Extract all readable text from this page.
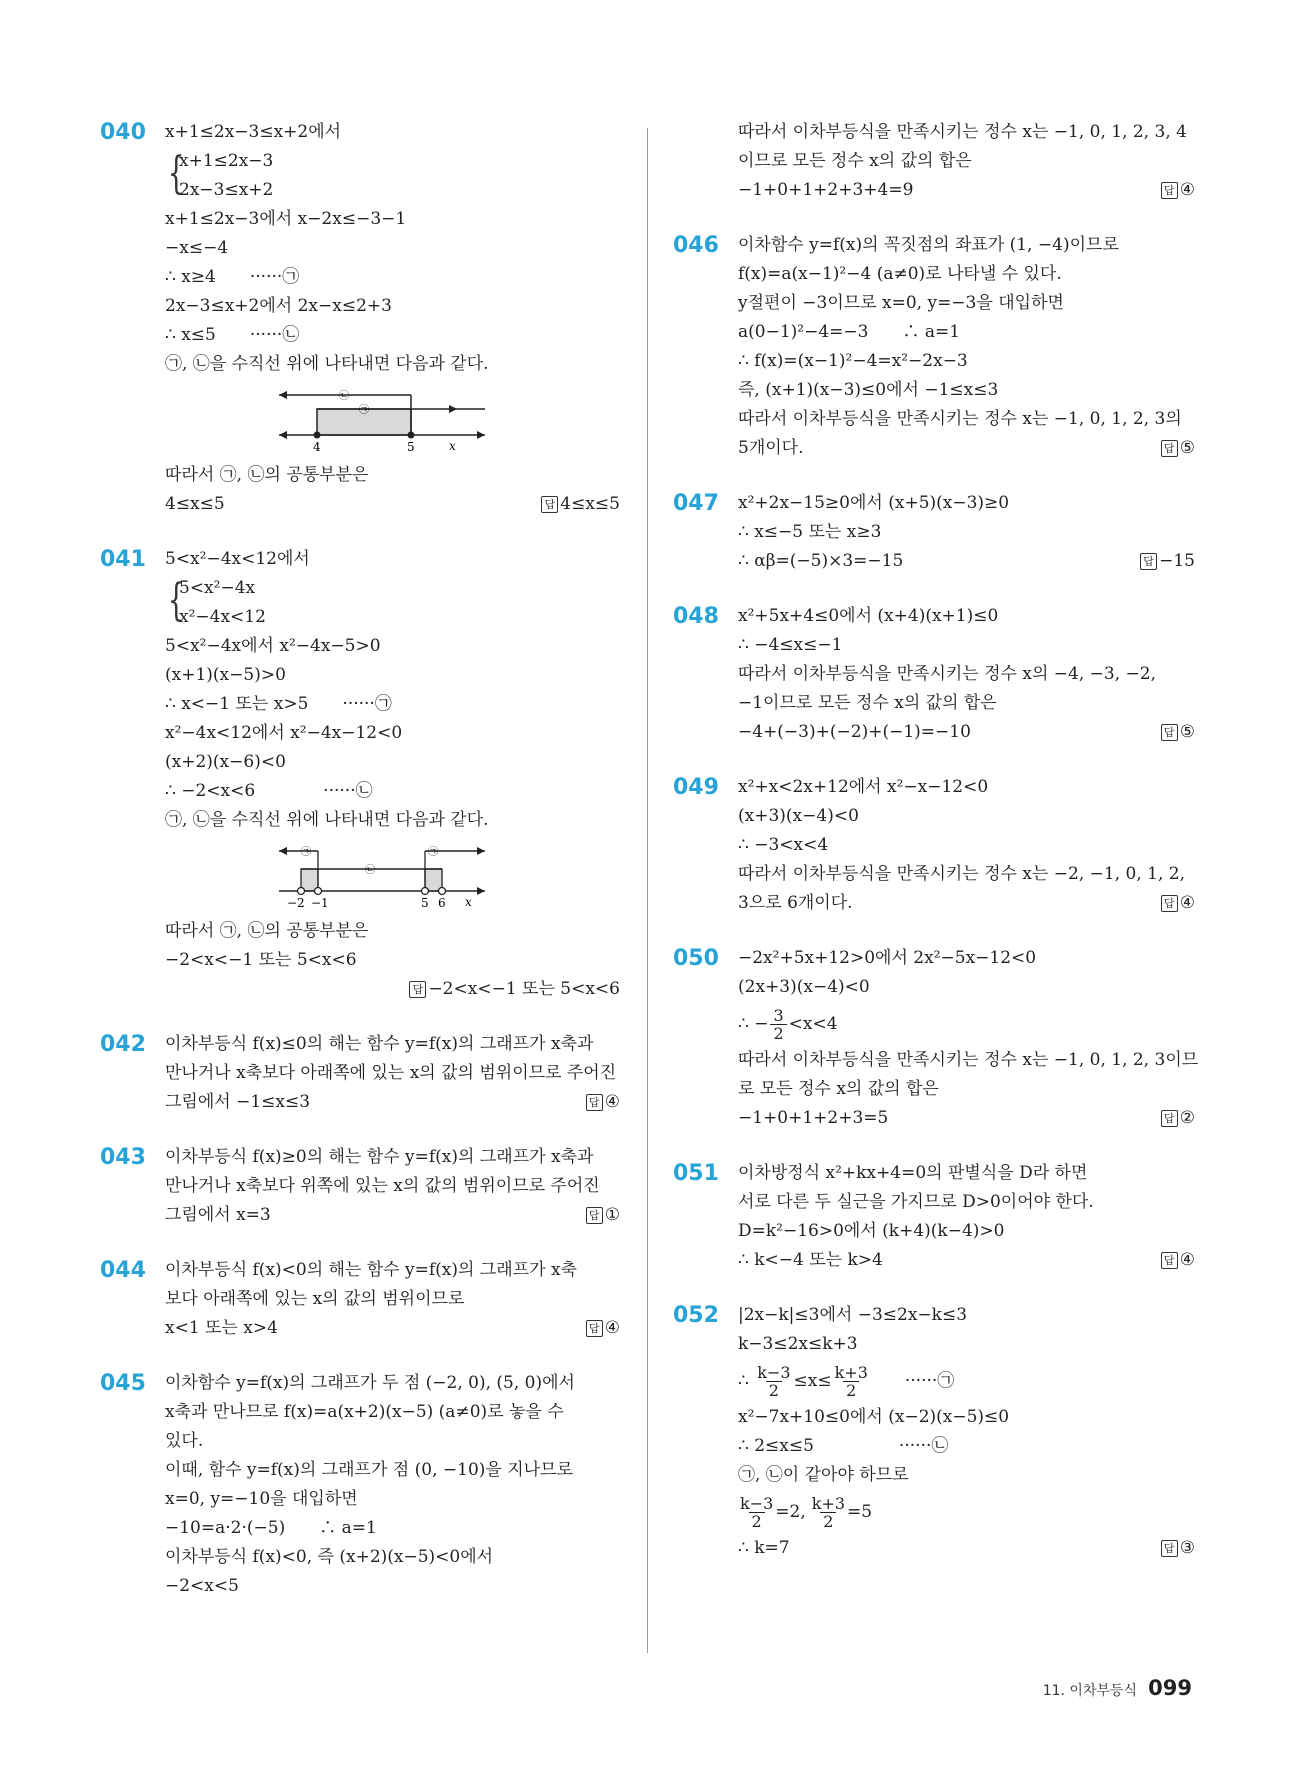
040 x+1≤2x−3≤x+2에서
{
x+1≤2x−3
2x−3≤x+2
x+1≤2x−3에서 x−2x≤−3−1
−x≤−4
∴ x≥4　　······㉠
2x−3≤x+2에서 2x−x≤2+3
∴ x≤5　　······㉡
㉠, ㉡을 수직선 위에 나타내면 다음과 같다.
4	5	x
㉠
㉡
따라서 ㉠, ㉡의 공통부분은
4≤x≤5	답 4≤x≤5
041 5<x²−4x<12에서
{
5<x²−4x
x²−4x<12
5<x²−4x에서 x²−4x−5>0
(x+1)(x−5)>0
∴ x<−1 또는 x>5　　······㉠
x²−4x<12에서 x²−4x−12<0
(x+2)(x−6)<0
∴ −2<x<6　　　　······㉡
㉠, ㉡을 수직선 위에 나타내면 다음과 같다.
−2 −1	5 6 x
㉠	㉠
㉡
따라서 ㉠, ㉡의 공통부분은
−2<x<−1 또는 5<x<6
답 −2<x<−1 또는 5<x<6
042 이차부등식 f(x)≤0의 해는 함수 y=f(x)의 그래프가 x축과
만나거나 x축보다 아래쪽에 있는 x의 값의 범위이므로 주어진
그림에서 −1≤x≤3	답 ④
043 이차부등식 f(x)≥0의 해는 함수 y=f(x)의 그래프가 x축과
만나거나 x축보다 위쪽에 있는 x의 값의 범위이므로 주어진
그림에서 x=3	답 ①
044 이차부등식 f(x)<0의 해는 함수 y=f(x)의 그래프가 x축
보다 아래쪽에 있는 x의 값의 범위이므로
x<1 또는 x>4	답 ④
045 이차함수 y=f(x)의 그래프가 두 점 (−2, 0), (5, 0)에서
x축과 만나므로 f(x)=a(x+2)(x−5) (a≠0)로 놓을 수
있다.
이때, 함수 y=f(x)의 그래프가 점 (0, −10)을 지나므로
x=0, y=−10을 대입하면
−10=a·2·(−5)　　∴ a=1
이차부등식 f(x)<0, 즉 (x+2)(x−5)<0에서
−2<x<5
따라서 이차부등식을 만족시키는 정수 x는 −1, 0, 1, 2, 3, 4
이므로 모든 정수 x의 값의 합은
−1+0+1+2+3+4=9	답 ④
046 이차함수 y=f(x)의 꼭짓점의 좌표가 (1, −4)이므로
f(x)=a(x−1)²−4 (a≠0)로 나타낼 수 있다.
y절편이 −3이므로 x=0, y=−3을 대입하면
a(0−1)²−4=−3　　∴ a=1
∴ f(x)=(x−1)²−4=x²−2x−3
즉, (x+1)(x−3)≤0에서 −1≤x≤3
따라서 이차부등식을 만족시키는 정수 x는 −1, 0, 1, 2, 3의
5개이다.	답 ⑤
047 x²+2x−15≥0에서 (x+5)(x−3)≥0
∴ x≤−5 또는 x≥3
∴ αβ=(−5)×3=−15	답 −15
048 x²+5x+4≤0에서 (x+4)(x+1)≤0
∴ −4≤x≤−1
따라서 이차부등식을 만족시키는 정수 x의 −4, −3, −2,
−1이므로 모든 정수 x의 값의 합은
−4+(−3)+(−2)+(−1)=−10	답 ⑤
049 x²+x<2x+12에서 x²−x−12<0
(x+3)(x−4)<0
∴ −3<x<4
따라서 이차부등식을 만족시키는 정수 x는 −2, −1, 0, 1, 2,
3으로 6개이다.	답 ④
050 −2x²+5x+12>0에서 2x²−5x−12<0
(2x+3)(x−4)<0
∴ − $\frac{3}{2} <x<4$
따라서 이차부등식을 만족시키는 정수 x는 −1, 0, 1, 2, 3이므
로 모든 정수 x의 값의 합은
−1+0+1+2+3=5	답 ②
051 이차방정식 x²+kx+4=0의 판별식을 D라 하면
서로 다른 두 실근을 가지므로 D>0이어야 한다.
D=k²−16>0에서 (k+4)(k−4)>0
∴ k<−4 또는 k>4	답 ④
052 |2x−k|≤3에서 −3≤2x−k≤3
k−3≤2x≤k+3
∴ $\frac{k-3}{2} \le x\le \frac{k+3}{2}$ ······㉠
x²−7x+10≤0에서 (x−2)(x−5)≤0
∴ 2≤x≤5　　　　　······㉡
㉠, ㉡이 같아야 하므로
$\frac{k-3}{2} =2$, $\frac{k+3}{2} =5$
∴ k=7	답 ③
11. 이차부등식 099
